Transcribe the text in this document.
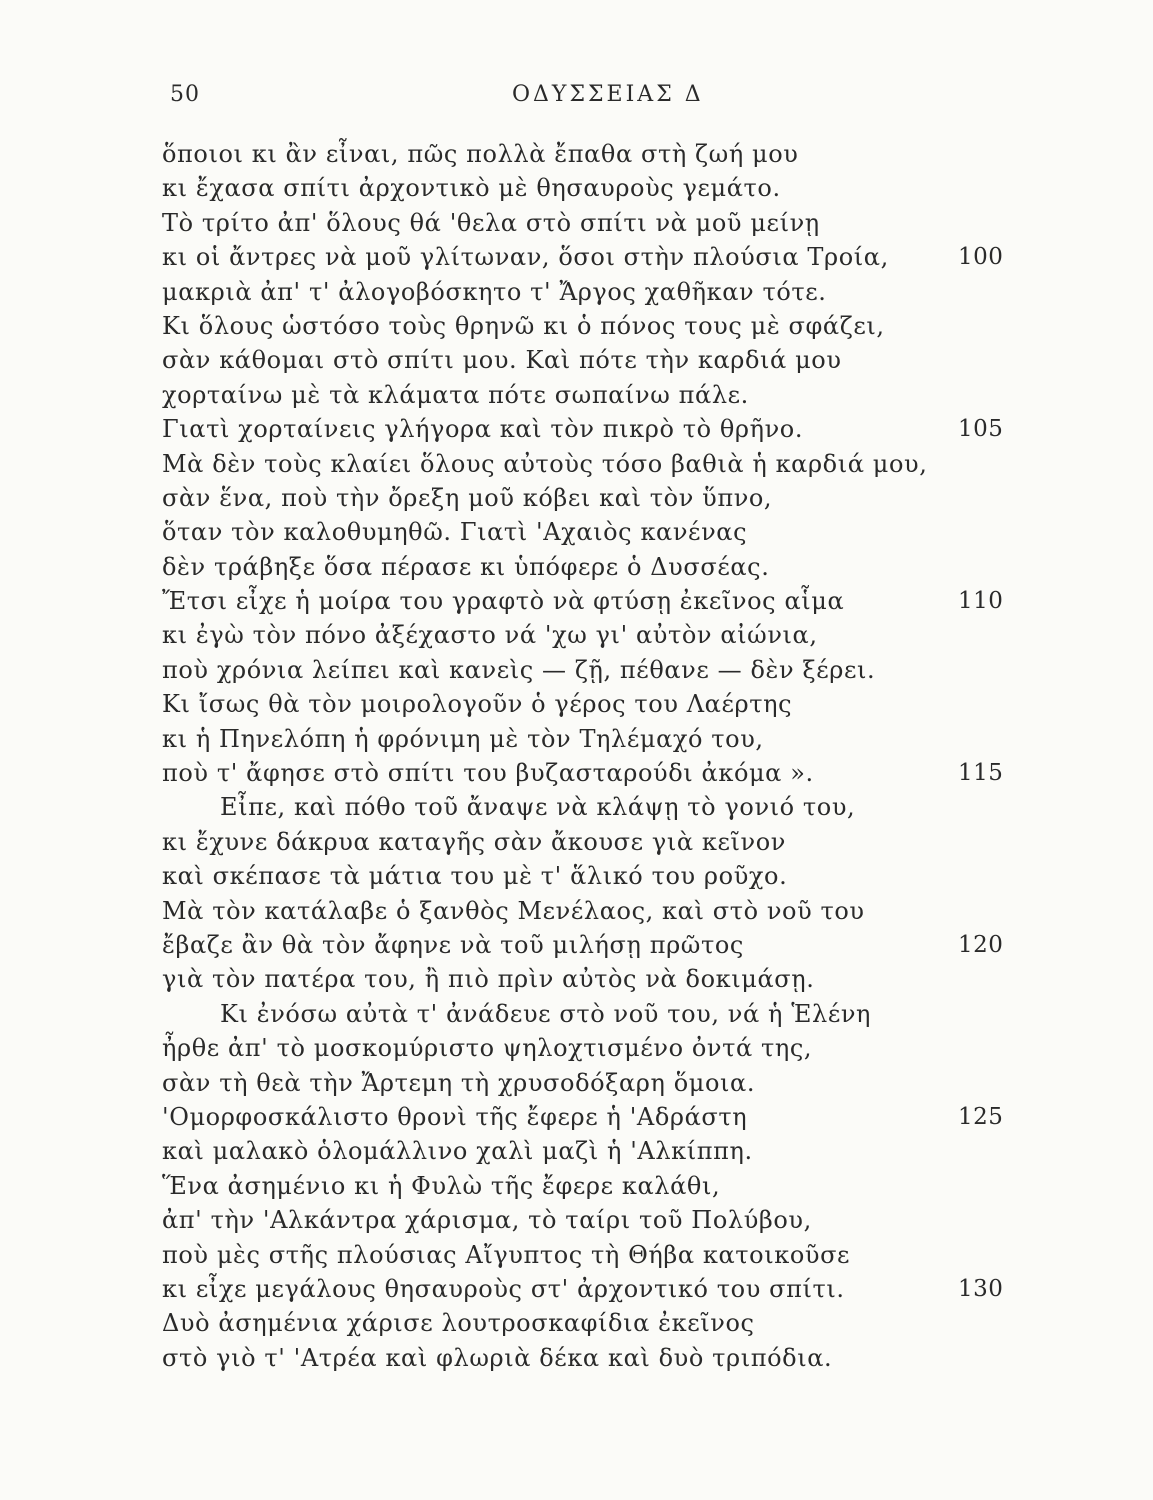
50	ΟΔΥΣΣΕΙΑΣ Δ
ὅποιοι κι ἂν εἶναι, πῶς πολλὰ ἔπαθα στὴ ζωή μου
κι ἔχασα σπίτι ἀρχοντικὸ μὲ θησαυροὺς γεμάτο.
Τὸ τρίτο ἀπ' ὅλους θά 'θελα στὸ σπίτι νὰ μοῦ μείνῃ
κι οἱ ἄντρες νὰ μοῦ γλίτωναν, ὅσοι στὴν πλούσια Τροία,	100
μακριὰ ἀπ' τ' ἀλογοβόσκητο τ' Ἄργος χαθῆκαν τότε.
Κι ὅλους ὡστόσο τοὺς θρηνῶ κι ὁ πόνος τους μὲ σφάζει,
σὰν κάθομαι στὸ σπίτι μου. Καὶ πότε τὴν καρδιά μου
χορταίνω μὲ τὰ κλάματα πότε σωπαίνω πάλε.
Γιατὶ χορταίνεις γλήγορα καὶ τὸν πικρὸ τὸ θρῆνο.	105
Μὰ δὲν τοὺς κλαίει ὅλους αὐτοὺς τόσο βαθιὰ ἡ καρδιά μου,
σὰν ἕνα, ποὺ τὴν ὄρεξη μοῦ κόβει καὶ τὸν ὕπνο,
ὅταν τὸν καλοθυμηθῶ. Γιατὶ 'Αχαιὸς κανένας
δὲν τράβηξε ὅσα πέρασε κι ὑπόφερε ὁ Δυσσέας.
Ἔτσι εἶχε ἡ μοίρα του γραφτὸ νὰ φτύσῃ ἐκεῖνος αἷμα	110
κι ἐγὼ τὸν πόνο ἀξέχαστο νά 'χω γι' αὐτὸν αἰώνια,
ποὺ χρόνια λείπει καὶ κανεὶς — ζῇ, πέθανε — δὲν ξέρει.
Κι ἴσως θὰ τὸν μοιρολογοῦν ὁ γέρος του Λαέρτης
κι ἡ Πηνελόπη ἡ φρόνιμη μὲ τὸν Τηλέμαχό του,
ποὺ τ' ἄφησε στὸ σπίτι του βυζασταρούδι ἀκόμα ».	115
Εἶπε, καὶ πόθο τοῦ ἄναψε νὰ κλάψῃ τὸ γονιό του,
κι ἔχυνε δάκρυα καταγῆς σὰν ἄκουσε γιὰ κεῖνον
καὶ σκέπασε τὰ μάτια του μὲ τ' ἅλικό του ροῦχο.
Μὰ τὸν κατάλαβε ὁ ξανθὸς Μενέλαος, καὶ στὸ νοῦ του
ἔβαζε ἂν θὰ τὸν ἄφηνε νὰ τοῦ μιλήσῃ πρῶτος	120
γιὰ τὸν πατέρα του, ἢ πιὸ πρὶν αὐτὸς νὰ δοκιμάσῃ.
Κι ἐνόσω αὐτὰ τ' ἀνάδευε στὸ νοῦ του, νά ἡ Ἑλένη
ἦρθε ἀπ' τὸ μοσκομύριστο ψηλοχτισμένο ὀντά της,
σὰν τὴ θεὰ τὴν Ἄρτεμη τὴ χρυσοδόξαρη ὅμοια.
'Ομορφοσκάλιστο θρονὶ τῆς ἔφερε ἡ 'Αδράστη	125
καὶ μαλακὸ ὁλομάλλινο χαλὶ μαζὶ ἡ 'Αλκίππη.
Ἕνα ἀσημένιο κι ἡ Φυλὼ τῆς ἔφερε καλάθι,
ἀπ' τὴν 'Αλκάντρα χάρισμα, τὸ ταίρι τοῦ Πολύβου,
ποὺ μὲς στῆς πλούσιας Αἴγυπτος τὴ Θήβα κατοικοῦσε
κι εἶχε μεγάλους θησαυροὺς στ' ἀρχοντικό του σπίτι.	130
Δυὸ ἀσημένια χάρισε λουτροσκαφίδια ἐκεῖνος
στὸ γιὸ τ' 'Ατρέα καὶ φλωριὰ δέκα καὶ δυὸ τριπόδια.
